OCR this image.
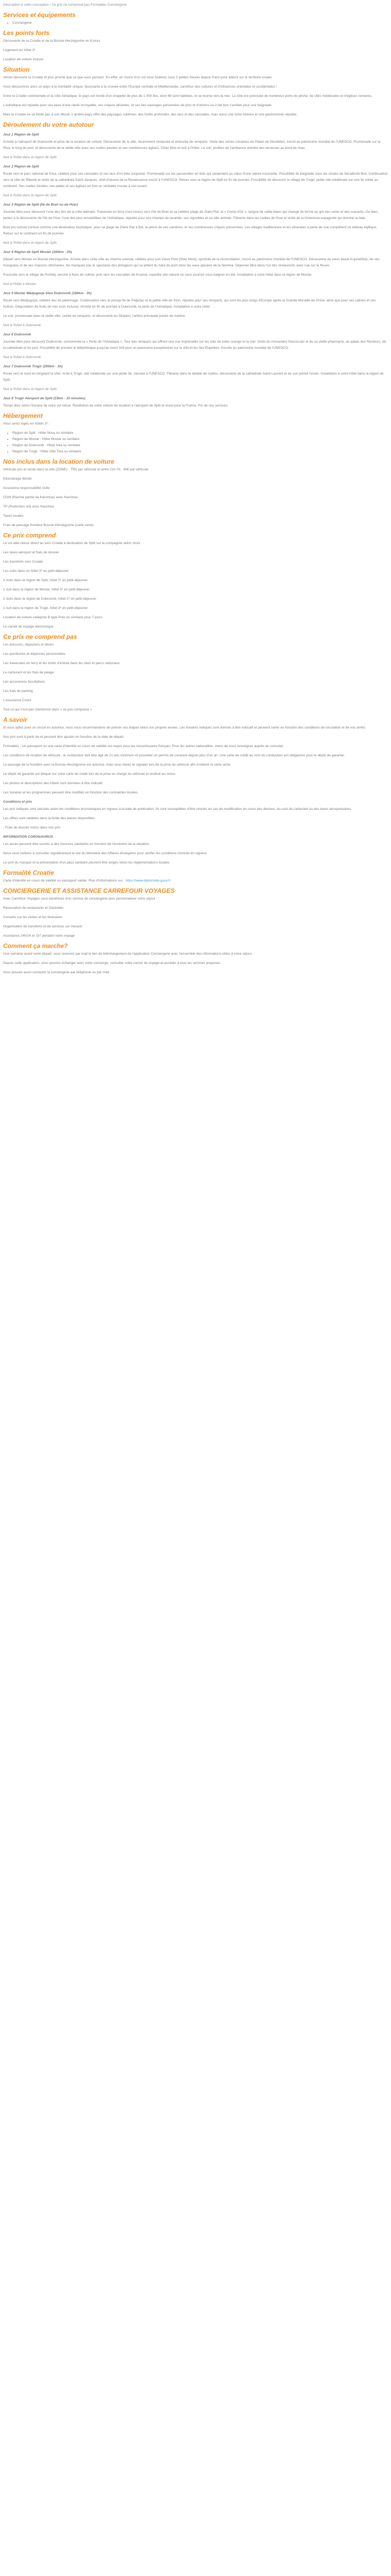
Description à votre conception / Ce prix ne comprend pas Formalités Conciergerie

Services et équipements
• Conciergerie
Les points forts

Découverte de la Croatie et de la Bosnie-Herzégovine en 8 jours

Logement en hôtel 3*

Location de voiture incluse

Situation

Venez découvrir la Croatie et plus proche que ce que vous pensiez. En effet, en moins d'un vol vous foulerez sous 2 petites heures depuis Paris pour atterrir sur le territoire croate.

Vous découvrirez alors un pays à la mentalité unique, fascinante à la croisée entre l'Europe centrale et Méditerranée, carrefour des cultures et d'influences orientales et occidentales !

Entre la Croatie continentale et la côte Adriatique, le pays est bordé d'un chapelet de plus de 1 000 îles, dont 48 sont habitées, et se tourne vers la mer. La côte est ponctuée de nombreux ports de pêche, de cités médiévales et d'églises romanes.

L'Adriatique est réputée pour ses eaux d'une clarté incroyable, ses criques désertes, et ses îles sauvages parsemées de pins et d'oliviers où il fait bon s'arrêter pour une baignade.

Mais la Croatie ne se limite pas à son littoral. L'arrière-pays offre des paysages sublimes, des forêts profondes, des lacs et des cascades, mais aussi une riche histoire et une gastronomie réputée.

Déroulement du votre autotour
Jour 1 Région de Split

Arrivée à l'aéroport de Dubrovnik et prise de la location de voiture. Découverte de la ville, récemment restaurée et entourée de remparts. Visite des ruines romaines du Palais de Dioclétien, inscrit au patrimoine mondial de l'UNESCO. Promenade sur la Riva, le long du port, et découverte de la vieille ville avec ses ruelles pavées et ses nombreuses églises. Dîner libre et nuit à l'hôtel. Le soir, profitez de l'ambiance animée des terrasses au bord de l'eau.

Nuit à l'hôtel dans la région de Split.

Jour 2 Région de Split

Route vers le parc national de Krka, célèbre pour ses cascades et ses lacs d'un bleu turquoise. Promenade sur les passerelles en bois qui serpentent au cœur d'une nature luxuriante. Possibilité de baignade sous les chutes de Skradinski Buk. Continuation vers la ville de Šibenik et visite de la cathédrale Saint-Jacques, chef-d'œuvre de la Renaissance inscrit à l'UNESCO. Retour vers la région de Split en fin de journée. Possibilité de découvrir le village de Trogir, petite cité médiévale sur une île reliée au continent. Ses ruelles étroites, ses palais et ses églises en font un véritable musée à ciel ouvert.

Nuit à l'hôtel dans la région de Split.

Jour 3 Région de Split (île de Brač ou de Hvar)

Journée libre pour découvrir l'une des îles de la côte dalmate. Traversée en ferry (non inclus) vers l'île de Brač et sa célèbre plage de Zlatni Rat, la « Corne d'Or », langue de sable blanc qui change de forme au gré des vents et des courants. Ou bien, partez à la découverte de l'île de Hvar, l'une des plus ensoleillées de l'Adriatique, réputée pour ses champs de lavande, ses vignobles et sa ville animée. Flânerie dans les ruelles de Hvar et visite de la forteresse espagnole qui domine la baie.

Brač est surtout connue comme une destination touristique, pour sa plage de Zlatni Rat à Bol, la pierre de ses carrières, et ses nombreuses criques préservées. Les villages traditionnels et les oliveraies à perte de vue complètent ce tableau idyllique. Retour sur le continent en fin de journée.

Nuit à l'hôtel dans la région de Split.

Jour 4 Région de Split Mostar (160km - 2h)

Départ vers Mostar en Bosnie-Herzégovine. Arrivée dans cette ville au charme oriental, célèbre pour son Vieux Pont (Stari Most), symbole de la réconciliation, inscrit au patrimoine mondial de l'UNESCO. Découverte du vieux bazar Kujundžiluk, de ses mosquées et de ses maisons ottomanes. Ne manquez pas le spectacle des plongeurs qui se jettent du haut du pont dans les eaux glacées de la Neretva. Déjeuner libre dans l'un des restaurants avec vue sur le fleuve.

Poursuite vers le village de Počitelj, perché à flanc de colline, puis vers les cascades de Kravica, superbe site naturel où vous pourrez vous baigner en été. Installation à votre hôtel dans la région de Mostar.

Nuit à l'hôtel à Mostar.

Jour 5 Mostar Médjugorje Ston Dubrovnik (180km - 3h)

Route vers Medjugorje, célèbre lieu de pèlerinage. Continuation vers la presqu'île de Pelješac et la petite ville de Ston, réputée pour ses remparts, qui sont les plus longs d'Europe après la Grande Muraille de Chine, ainsi que pour ses salines et ses huîtres. Dégustation de fruits de mer (non incluse). Arrivée en fin de journée à Dubrovnik, la perle de l'Adriatique. Installation à votre hôtel.

Le soir, promenade dans la vieille ville, ceinte de remparts, et découverte du Stradun, l'artère principale pavée de marbre.

Nuit à l'hôtel à Dubrovnik.

Jour 6 Dubrovnik

Journée libre pour découvrir Dubrovnik, surnommée la « Perle de l'Adriatique ». Tour des remparts qui offrent une vue imprenable sur les toits de tuiles orange et la mer. Visite du monastère franciscain et de sa vieille pharmacie, du palais des Recteurs, de la cathédrale et du port. Possibilité de prendre le téléphérique jusqu'au mont Srđ pour un panorama exceptionnel sur la ville et les îles Élaphites. Inscrite au patrimoine mondial de l'UNESCO.

Nuit à l'hôtel à Dubrovnik.

Jour 7 Dubrovnik Trogir (250km - 3h)

Route vers le nord en longeant la côte. Arrêt à Trogir, cité médiévale sur une petite île, classée à l'UNESCO. Flânerie dans le dédale de ruelles, découverte de la cathédrale Saint-Laurent et de son portail roman. Installation à votre hôtel dans la région de Split.

Nuit à l'hôtel dans la région de Split.

Jour 8 Trogir Aéroport de Split (15km - 15 minutes)

Temps libre selon l'horaire de votre vol retour. Restitution de votre voiture de location à l'aéroport de Split et envol pour la France. Fin de nos services.

Hébergement

Vous serez logés en hôtels 3* :

• Région de Split : Hôtel Nova ou similaire
• Région de Mostar : Hôtel Mostar ou similaire
• Région de Dubrovnik : Hôtel Ivka ou similaire
• Région de Trogir : Hôtel Villa Tina ou similaire
Nos inclus dans la location de voiture

Véhicule pris et rendu dans la ville (ZONE) - TRS par véhicule et entre 21h-7h : 40€ par véhicule

Kilométrage illimité

Assurance responsabilité civile

CDW (Rachat partiel de franchise) avec franchise

TP (Protection vol) avec franchise

Taxes locales

Frais de passage frontière Bosnie-Herzégovine (carte verte)

Ce prix comprend

Le vol aller-retour direct au vers Croatie à destination de Split sur la compagnie selon choix

Les taxes aéroport et frais de dossier

Les transferts vers Croatie

Les nuits dans un hôtel 3* en petit-déjeuner

2 nuits dans la région de Split, hôtel 3* en petit-déjeuner

1 nuit dans la région de Mostar, hôtel 3* en petit-déjeuner

2 nuits dans la région de Dubrovnik, hôtel 3* en petit-déjeuner

1 nuit dans la région de Trogir, hôtel 3* en petit-déjeuner

Location de voiture catégorie B type Polo ou similaire pour 7 jours

Le carnet de voyage électronique

Ce prix ne comprend pas

Les boissons, déjeuners et dîners

Les pourboires et dépenses personnelles

Les traversées en ferry et les droits d'entrée dans les sites et parcs nationaux

Le carburant et les frais de péage

Les assurances facultatives

Les frais de parking

L'assurance Covid

Tout ce qui n'est pas mentionné dans « ce prix comprend »

A savoir

Si vous optez pour un circuit en autotour, nous vous recommandons de prévoir vos étapes selon vos propres envies. Les horaires indiqués sont donnés à titre indicatif et peuvent varier en fonction des conditions de circulation et de vos arrêts.

Nos prix sont à partir de et peuvent être ajustés en fonction de la date de départ.

Formalités : Un passeport ou une carte d'identité en cours de validité est requis pour les ressortissants français. Pour les autres nationalités, merci de vous renseigner auprès du consulat.

Les conditions de location de véhicule : le conducteur doit être âgé de 21 ans minimum et posséder un permis de conduire depuis plus d'un an. Une carte de crédit au nom du conducteur est obligatoire pour le dépôt de garantie.

Le passage de la frontière avec la Bosnie-Herzégovine est autorisé, mais vous devez le signaler lors de la prise du véhicule afin d'obtenir la carte verte.

Le dépôt de garantie est bloqué sur votre carte de crédit lors de la prise en charge du véhicule et restitué au retour.

Les photos et descriptions des hôtels sont données à titre indicatif.

Les horaires et les programmes peuvent être modifiés en fonction des contraintes locales.

Conditions et prix

Les prix indiqués sont calculés selon les conditions économiques en vigueur à la date de publication. Ils sont susceptibles d'être révisés en cas de modification du cours des devises, du coût du carburant ou des taxes aéroportuaires.

Les offres sont valables dans la limite des places disponibles.

- Frais de dossier inclus dans nos prix.

INFORMATION CORONAVIRUS

Les accès peuvent être soumis à des mesures sanitaires en fonction de l'évolution de la situation.

Nous vous invitons à consulter régulièrement le site du Ministère des Affaires étrangères pour vérifier les conditions d'entrée en vigueur.

Le port du masque et la présentation d'un pass sanitaire peuvent être exigés selon les réglementations locales.

Formalité Croatie

Carte d'identité en cours de validité ou passeport valide. Plus d'informations sur : https://www.diplomatie.gouv.fr

CONCIERGERIE ET ASSISTANCE CARREFOUR VOYAGES

Avec Carrefour Voyages vous bénéficiez d'un service de conciergerie pour personnaliser votre séjour :

Réservation de restaurants et d'activités

Conseils sur les visites et les itinéraires

Organisation de transferts et de services sur mesure

Assistance 24h/24 et 7j/7 pendant votre voyage

Comment ça marche?

Une semaine avant votre départ, vous recevrez par mail le lien de téléchargement de l'application Conciergerie avec l'ensemble des informations utiles à votre séjour.

Depuis cette application, vous pourrez échanger avec votre concierge, consulter votre carnet de voyage et accéder à tous les services proposés.

Vous pouvez aussi contacter la conciergerie par téléphone ou par mail.
